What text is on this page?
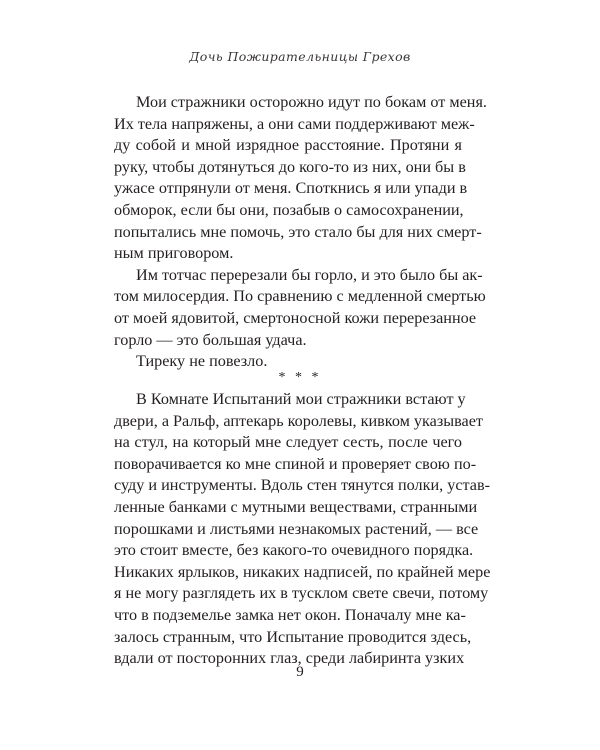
Дочь Пожирательницы Грехов
Мои стражники осторожно идут по бокам от меня.
Их тела напряжены, а они сами поддерживают меж-
ду собой и мной изрядное расстояние. Протяни я
руку, чтобы дотянуться до кого-то из них, они бы в
ужасе отпрянули от меня. Споткнись я или упади в
обморок, если бы они, позабыв о самосохранении,
попытались мне помочь, это стало бы для них смерт-
ным приговором.
Им тотчас перерезали бы горло, и это было бы ак-
том милосердия. По сравнению с медленной смертью
от моей ядовитой, смертоносной кожи перерезанное
горло — это большая удача.
Тиреку не повезло.
* * *
В Комнате Испытаний мои стражники встают у
двери, а Ральф, аптекарь королевы, кивком указывает
на стул, на который мне следует сесть, после чего
поворачивается ко мне спиной и проверяет свою по-
суду и инструменты. Вдоль стен тянутся полки, устав-
ленные банками с мутными веществами, странными
порошками и листьями незнакомых растений, — все
это стоит вместе, без какого-то очевидного порядка.
Никаких ярлыков, никаких надписей, по крайней мере
я не могу разглядеть их в тусклом свете свечи, потому
что в подземелье замка нет окон. Поначалу мне ка-
залось странным, что Испытание проводится здесь,
вдали от посторонних глаз, среди лабиринта узких
9
